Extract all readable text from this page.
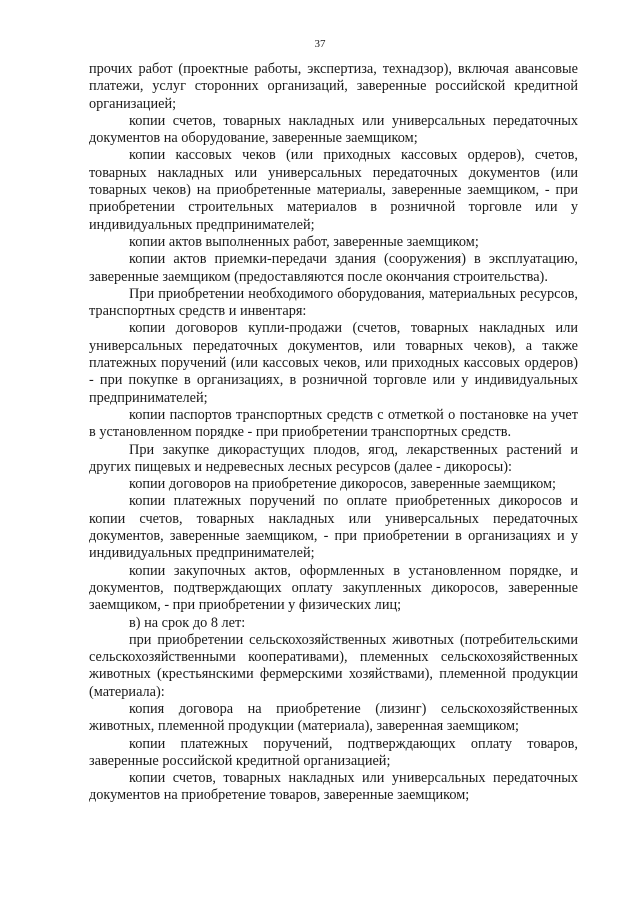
37

прочих работ (проектные работы, экспертиза, технадзор), включая авансовые платежи, услуг сторонних организаций, заверенные российской кредитной организацией;

копии счетов, товарных накладных или универсальных передаточных документов на оборудование, заверенные заемщиком;

копии кассовых чеков (или приходных кассовых ордеров), счетов, товарных накладных или универсальных передаточных документов (или товарных чеков) на приобретенные материалы, заверенные заемщиком, - при приобретении строительных материалов в розничной торговле или у индивидуальных предпринимателей;

копии актов выполненных работ, заверенные заемщиком;

копии актов приемки-передачи здания (сооружения) в эксплуатацию, заверенные заемщиком (предоставляются после окончания строительства).

При приобретении необходимого оборудования, материальных ресурсов, транспортных средств и инвентаря:

копии договоров купли-продажи (счетов, товарных накладных или универсальных передаточных документов, или товарных чеков), а также платежных поручений (или кассовых чеков, или приходных кассовых ордеров) - при покупке в организациях, в розничной торговле или у индивидуальных предпринимателей;

копии паспортов транспортных средств с отметкой о постановке на учет в установленном порядке - при приобретении транспортных средств.

При закупке дикорастущих плодов, ягод, лекарственных растений и других пищевых и недревесных лесных ресурсов (далее - дикоросы):

копии договоров на приобретение дикоросов, заверенные заемщиком;

копии платежных поручений по оплате приобретенных дикоросов и копии счетов, товарных накладных или универсальных передаточных документов, заверенные заемщиком, - при приобретении в организациях и у индивидуальных предпринимателей;

копии закупочных актов, оформленных в установленном порядке, и документов, подтверждающих оплату закупленных дикоросов, заверенные заемщиком, - при приобретении у физических лиц;

в) на срок до 8 лет:

при приобретении сельскохозяйственных животных (потребительскими сельскохозяйственными кооперативами), племенных сельскохозяйственных животных (крестьянскими фермерскими хозяйствами), племенной продукции (материала):

копия договора на приобретение (лизинг) сельскохозяйственных животных, племенной продукции (материала), заверенная заемщиком;

копии платежных поручений, подтверждающих оплату товаров, заверенные российской кредитной организацией;

копии счетов, товарных накладных или универсальных передаточных документов на приобретение товаров, заверенные заемщиком;
